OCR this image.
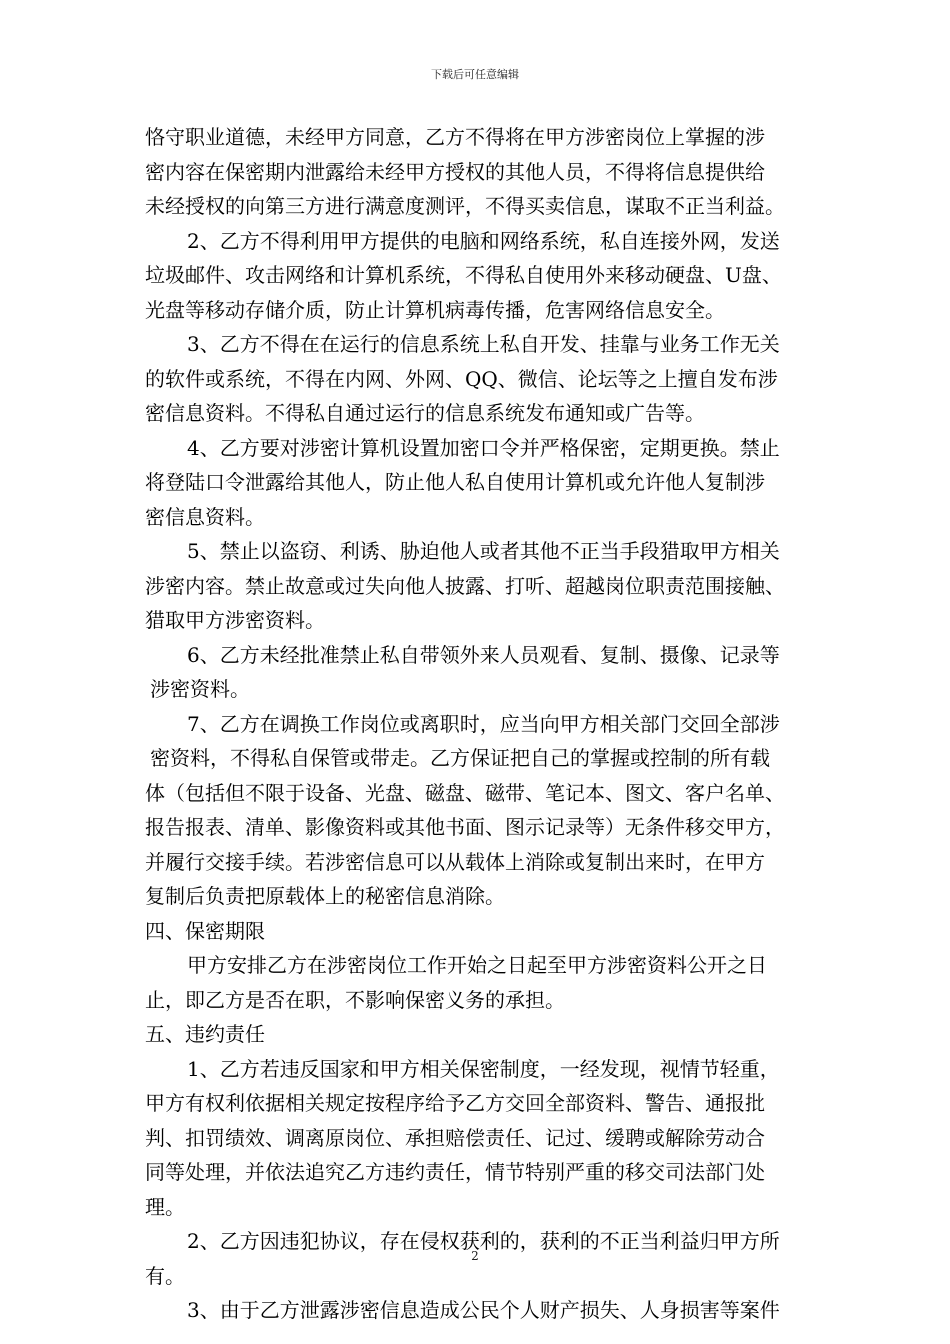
下载后可任意编辑
恪守职业道德，未经甲方同意，乙方不得将在甲方涉密岗位上掌握的涉
密内容在保密期内泄露给未经甲方授权的其他人员，不得将信息提供给
未经授权的向第三方进行满意度测评，不得买卖信息，谋取不正当利益。
2、乙方不得利用甲方提供的电脑和网络系统，私自连接外网，发送
垃圾邮件、攻击网络和计算机系统，不得私自使用外来移动硬盘、U盘、
光盘等移动存储介质，防止计算机病毒传播，危害网络信息安全。
3、乙方不得在在运行的信息系统上私自开发、挂靠与业务工作无关
的软件或系统，不得在内网、外网、QQ、微信、论坛等之上擅自发布涉
密信息资料。不得私自通过运行的信息系统发布通知或广告等。
4、乙方要对涉密计算机设置加密口令并严格保密，定期更换。禁止
将登陆口令泄露给其他人，防止他人私自使用计算机或允许他人复制涉
密信息资料。
5、禁止以盗窃、利诱、胁迫他人或者其他不正当手段猎取甲方相关
涉密内容。禁止故意或过失向他人披露、打听、超越岗位职责范围接触、
猎取甲方涉密资料。
6、乙方未经批准禁止私自带领外来人员观看、复制、摄像、记录等
涉密资料。
7、乙方在调换工作岗位或离职时，应当向甲方相关部门交回全部涉
密资料，不得私自保管或带走。乙方保证把自己的掌握或控制的所有载
体（包括但不限于设备、光盘、磁盘、磁带、笔记本、图文、客户名单、
报告报表、清单、影像资料或其他书面、图示记录等）无条件移交甲方，
并履行交接手续。若涉密信息可以从载体上消除或复制出来时，在甲方
复制后负责把原载体上的秘密信息消除。
四、保密期限
甲方安排乙方在涉密岗位工作开始之日起至甲方涉密资料公开之日
止，即乙方是否在职，不影响保密义务的承担。
五、违约责任
1、乙方若违反国家和甲方相关保密制度，一经发现，视情节轻重，
甲方有权利依据相关规定按程序给予乙方交回全部资料、警告、通报批
判、扣罚绩效、调离原岗位、承担赔偿责任、记过、缓聘或解除劳动合
同等处理，并依法追究乙方违约责任，情节特别严重的移交司法部门处
理。
2、乙方因违犯协议，存在侵权获利的，获利的不正当利益归甲方所
有。
3、由于乙方泄露涉密信息造成公民个人财产损失、人身损害等案件
2
